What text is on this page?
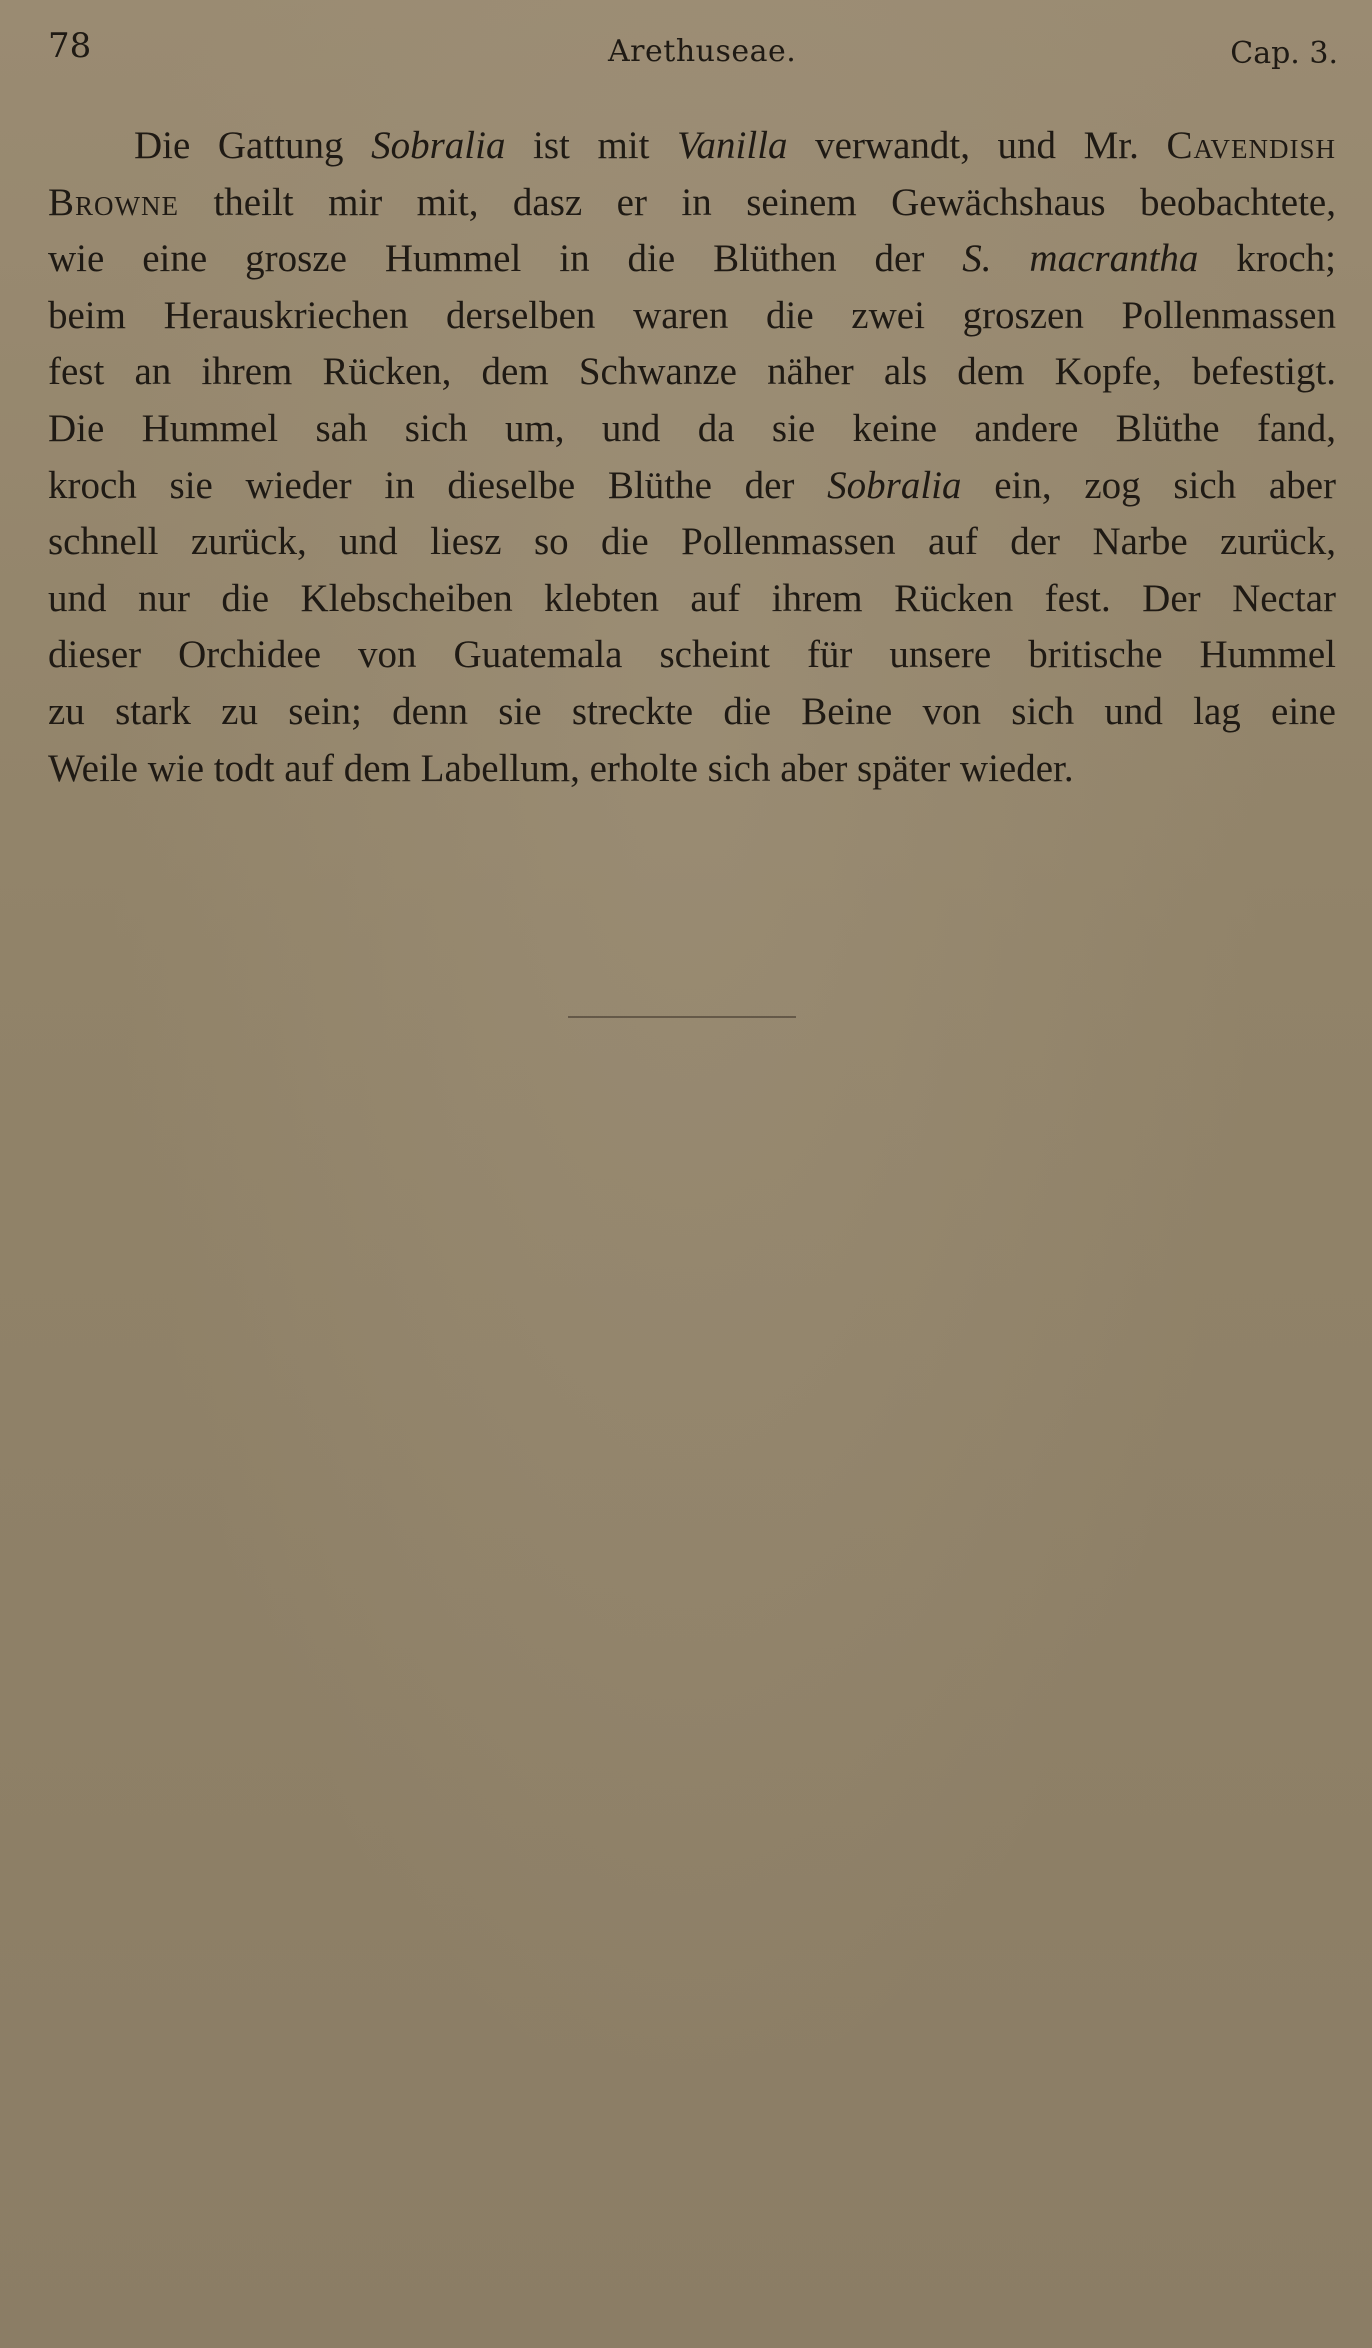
78	Arethuseae.	Cap. 3.
Die Gattung Sobralia ist mit Vanilla verwandt, und Mr. Cavendish
Browne theilt mir mit, dasz er in seinem Gewächshaus beobachtete,
wie eine grosze Hummel in die Blüthen der S. macrantha kroch;
beim Herauskriechen derselben waren die zwei groszen Pollenmassen
fest an ihrem Rücken, dem Schwanze näher als dem Kopfe, befestigt.
Die Hummel sah sich um, und da sie keine andere Blüthe fand,
kroch sie wieder in dieselbe Blüthe der Sobralia ein, zog sich aber
schnell zurück, und liesz so die Pollenmassen auf der Narbe zurück,
und nur die Klebscheiben klebten auf ihrem Rücken fest. Der Nectar
dieser Orchidee von Guatemala scheint für unsere britische Hummel
zu stark zu sein; denn sie streckte die Beine von sich und lag eine
Weile wie todt auf dem Labellum, erholte sich aber später wieder.
